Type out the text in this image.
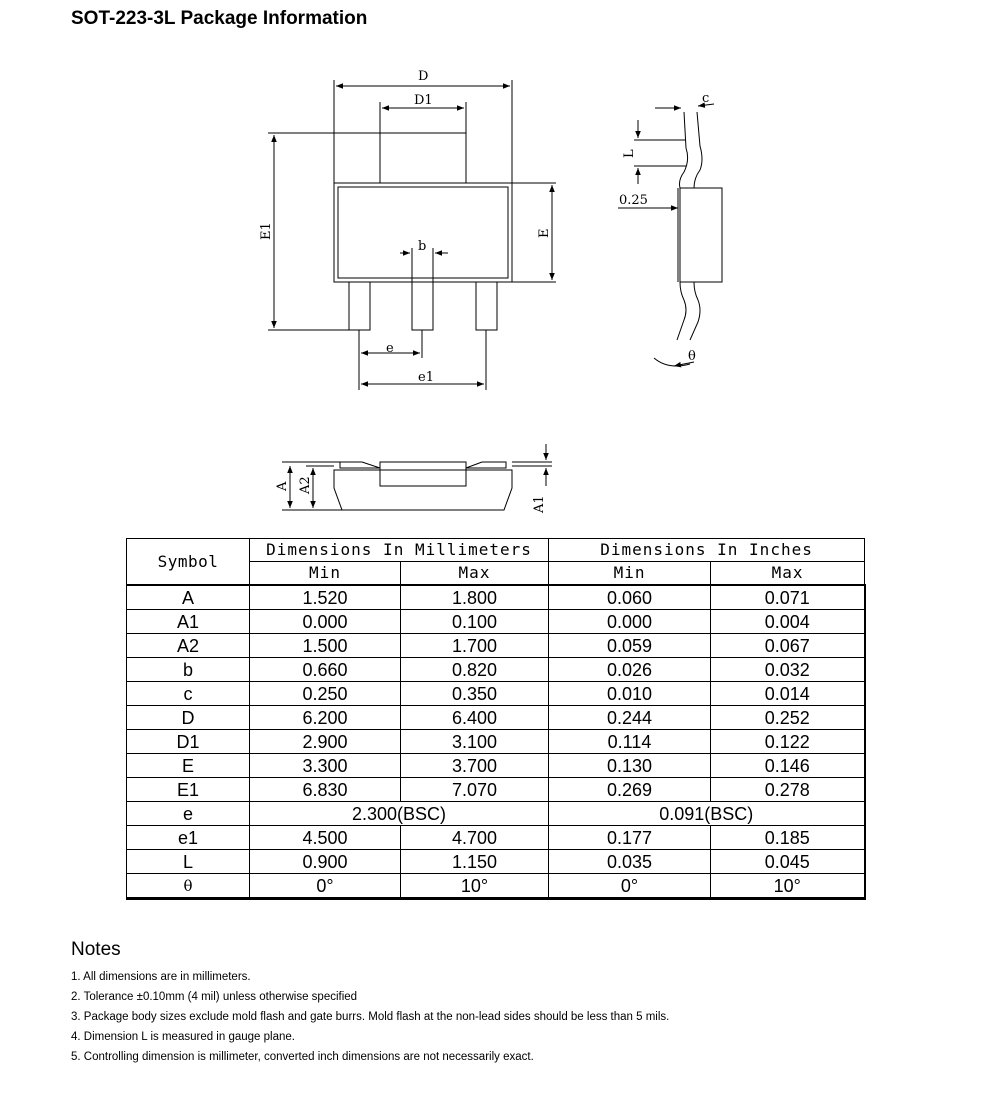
SOT-223-3L Package Information
D
D1
b
e
e1
c
0.25
θ
E1	E
L
A A2
A1
Symbol	Dimensions In Millimeters		Dimensions In Inches	
	Min	Max	Min	Max
A	1.520	1.800	0.060	0.071
A1	0.000	0.100	0.000	0.004
A2	1.500	1.700	0.059	0.067
b	0.660	0.820	0.026	0.032
c	0.250	0.350	0.010	0.014
D	6.200	6.400	0.244	0.252
D1	2.900	3.100	0.114	0.122
E	3.300	3.700	0.130	0.146
E1	6.830	7.070	0.269	0.278
e	2.300(BSC)		0.091(BSC)	
e1	4.500	4.700	0.177	0.185
L	0.900	1.150	0.035	0.045
θ	0°	10°	0°	10°
Notes
1. All dimensions are in millimeters.
2. Tolerance ±0.10mm (4 mil) unless otherwise specified
3. Package body sizes exclude mold flash and gate burrs. Mold flash at the non-lead sides should be less than 5 mils.
4. Dimension L is measured in gauge plane.
5. Controlling dimension is millimeter, converted inch dimensions are not necessarily exact.
